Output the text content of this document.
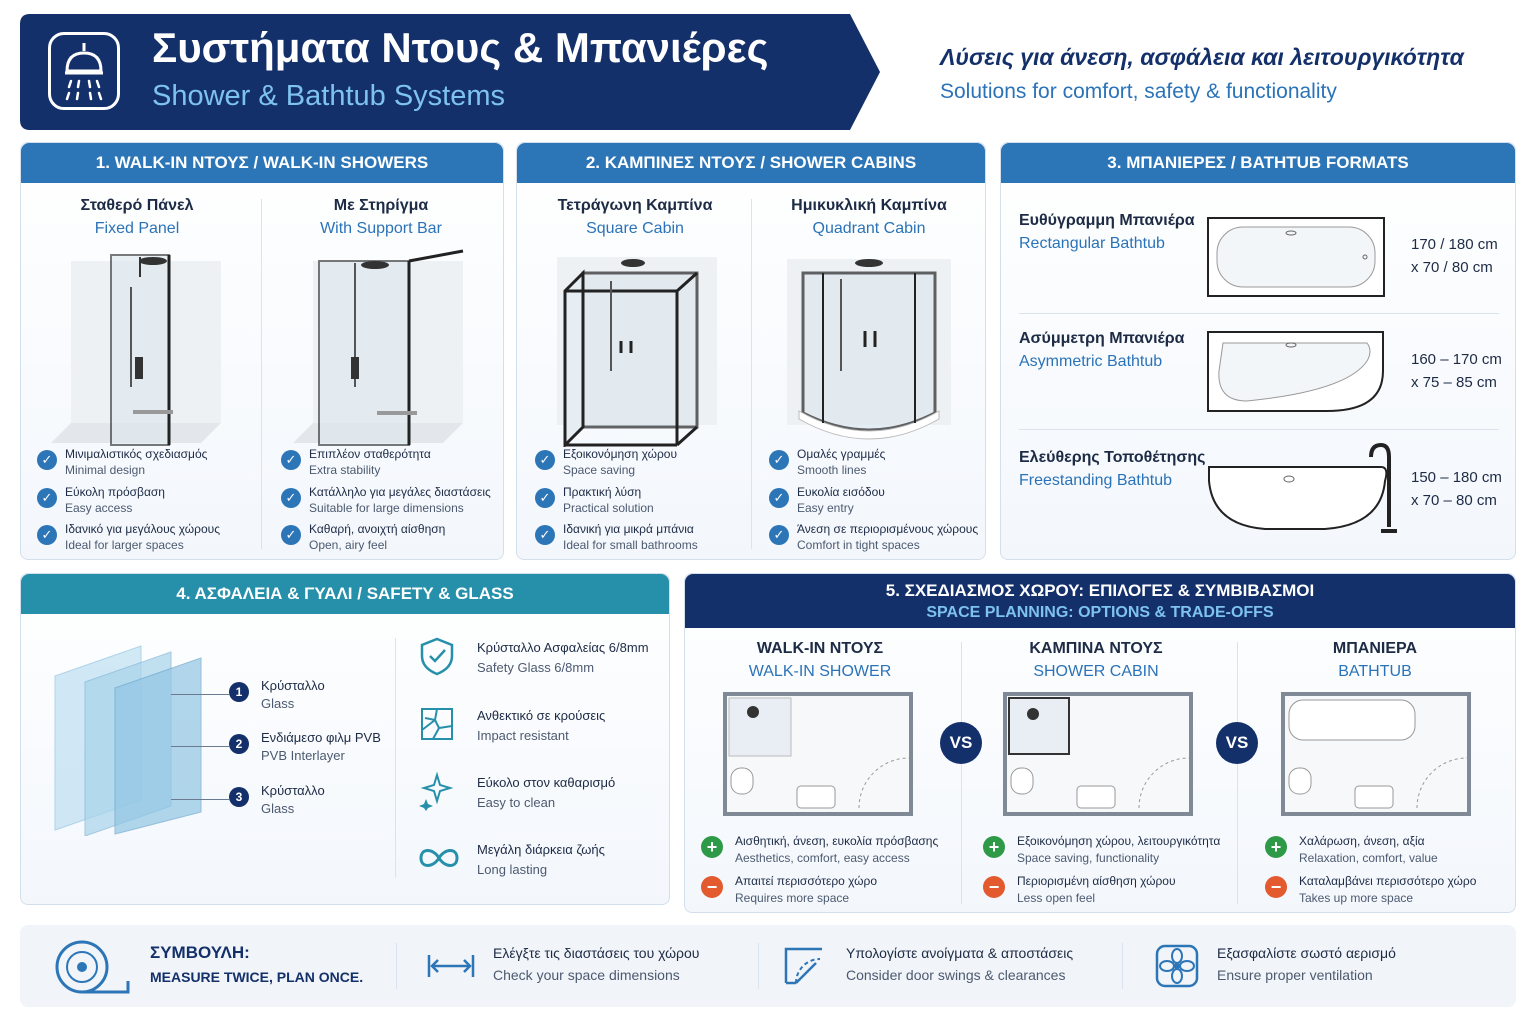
Συστήματα Ντους & Μπανιέρες
Shower & Bathtub Systems
Λύσεις για άνεση, ασφάλεια και λειτουργικότητα
Solutions for comfort, safety & functionality
1. WALK-IN ΝΤΟΥΣ / WALK-IN SHOWERS
Σταθερό Πάνελ
Fixed Panel
Με Στηρίγμα
With Support Bar
✓	Μινιμαλιστικός σχεδιασμός
Minimal design
✓	Εύκολη πρόσβαση
Easy access
✓	Ιδανικό για μεγάλους χώρους
Ideal for larger spaces
✓	Επιπλέον σταθερότητα
Extra stability
✓	Κατάλληλο για μεγάλες διαστάσεις
Suitable for large dimensions
✓	Καθαρή, ανοιχτή αίσθηση
Open, airy feel
2. ΚΑΜΠΙΝΕΣ ΝΤΟΥΣ / SHOWER CABINS
Τετράγωνη Καμπίνα
Square Cabin
Ημικυκλική Καμπίνα
Quadrant Cabin
✓	Εξοικονόμηση χώρου
Space saving
✓	Πρακτική λύση
Practical solution
✓	Ιδανική για μικρά μπάνια
Ideal for small bathrooms
✓	Ομαλές γραμμές
Smooth lines
✓	Ευκολία εισόδου
Easy entry
✓	Άνεση σε περιορισμένους χώρους
Comfort in tight spaces
3. ΜΠΑΝΙΕΡΕΣ / BATHTUB FORMATS
Ευθύγραμμη Μπανιέρα
Rectangular Bathtub	170 / 180 cm
x 70 / 80 cm
Ασύμμετρη Μπανιέρα
Asymmetric Bathtub	160 – 170 cm
x 75 – 85 cm
Ελεύθερης Τοποθέτησης
Freestanding Bathtub	150 – 180 cm
x 70 – 80 cm
4. ΑΣΦΑΛΕΙΑ & ΓΥΑΛΙ / SAFETY & GLASS
1	Κρύσταλλο
Glass
2	Ενδιάμεσο φιλμ PVB
PVB Interlayer
3	Κρύσταλλο
Glass
Κρύσταλλο Ασφαλείας 6/8mm
Safety Glass 6/8mm
Ανθεκτικό σε κρούσεις
Impact resistant
Εύκολο στον καθαρισμό
Easy to clean
Μεγάλη διάρκεια ζωής
Long lasting
5. ΣΧΕΔΙΑΣΜΟΣ ΧΩΡΟΥ: ΕΠΙΛΟΓΕΣ & ΣΥΜΒΙΒΑΣΜΟΙ
SPACE PLANNING: OPTIONS & TRADE-OFFS
WALK-IN ΝΤΟΥΣ
WALK-IN SHOWER
ΚΑΜΠΙΝΑ ΝΤΟΥΣ
SHOWER CABIN
ΜΠΑΝΙΕΡΑ
BATHTUB
VS	VS
+	Αισθητική, άνεση, ευκολία πρόσβασης
Aesthetics, comfort, easy access
−	Απαιτεί περισσότερο χώρο
Requires more space
+	Εξοικονόμηση χώρου, λειτουργικότητα
Space saving, functionality
−	Περιορισμένη αίσθηση χώρου
Less open feel
+	Χαλάρωση, άνεση, αξία
Relaxation, comfort, value
−	Καταλαμβάνει περισσότερο χώρο
Takes up more space
ΣΥΜΒΟΥΛΗ:
MEASURE TWICE, PLAN ONCE.
Ελέγξτε τις διαστάσεις του χώρου
Check your space dimensions
Υπολογίστε ανοίγματα & αποστάσεις
Consider door swings & clearances
Εξασφαλίστε σωστό αερισμό
Ensure proper ventilation
